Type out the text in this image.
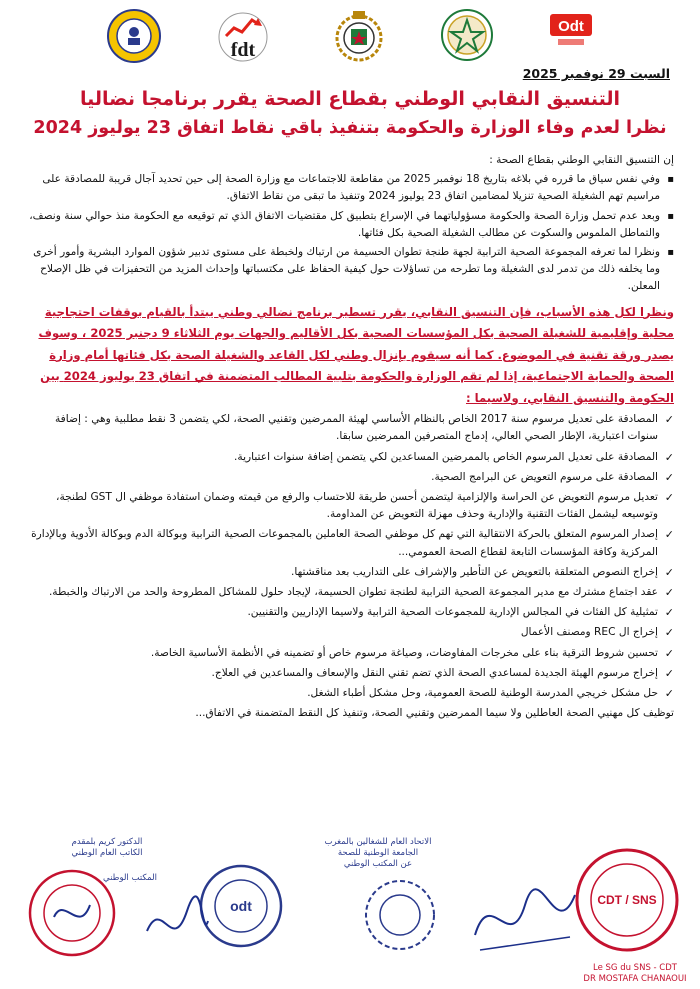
Odt
fdt
السبت 29 نوفمبر 2025
التنسيق النقابي الوطني بقطاع الصحة يقرر برنامجا نضاليا
نظرا لعدم وفاء الوزارة والحكومة بتنفيذ باقي نقاط اتفاق 23 يوليوز 2024

إن التنسيق النقابي الوطني بقطاع الصحة :

▪ وفي نفس سياق ما قرره في بلاغه بتاريخ 18 نوفمبر 2025 من مقاطعة للاجتماعات مع وزارة الصحة إلى حين تحديد آجال قريبة للمصادقة على مراسيم تهم الشغيلة الصحية تنزيلا لمضامين اتفاق 23 يوليوز 2024 وتنفيذ ما تبقى من نقاط الاتفاق.
▪ وبعد عدم تحمل وزارة الصحة والحكومة مسؤولياتهما في الإسراع بتطبيق كل مقتضيات الاتفاق الذي تم توقيعه مع الحكومة منذ حوالي سنة ونصف، والتماطل الملموس والسكوت عن مطالب الشغيلة الصحية بكل فئاتها.
▪ ونظرا لما تعرفه المجموعة الصحية الترابية لجهة طنجة تطوان الحسيمة من ارتباك ولخبطة على مستوى تدبير شؤون الموارد البشرية وأمور أخرى وما يخلفه ذلك من تدمر لدى الشغيلة وما تطرحه من تساؤلات حول كيفية الحفاظ على مكتسباتها وإحداث المزيد من التحفيزات في ظل الإصلاح المعلن.

ونظرا لكل هذه الأسباب، فإن التنسيق النقابي، يقرر تسطير برنامج نضالي وطني يبتدأ بالقيام بوقفات احتجاجية محلية وإقليمية للشغيلة الصحية بكل المؤسسات الصحية بكل الأقاليم والجهات يوم الثلاثاء 9 دجنبر 2025 ، وسوف يصدر ورقة تقنية في الموضوع. كما أنه سيقوم بإنزال وطني لكل القاعد والشغيلة الصحة بكل فئاتها أمام وزارة الصحة والحماية الاجتماعية، إذا لم تقم الوزارة والحكومة بتلبية المطالب المتضمنة في اتفاق 23 يوليوز 2024 بين الحكومة والتنسيق النقابي، ولاسيما :

✓ المصادقة على تعديل مرسوم سنة 2017 الخاص بالنظام الأساسي لهيئة الممرضين وتقنيي الصحة، لكي يتضمن 3 نقط مطلبية وهي : إضافة سنوات اعتبارية، الإطار الصحي العالي، إدماج المتصرفين الممرضين سابقا.
✓ المصادقة على تعديل المرسوم الخاص بالممرضين المساعدين لكي يتضمن إضافة سنوات اعتبارية.
✓ المصادقة على مرسوم التعويض عن البرامج الصحية.
✓ تعديل مرسوم التعويض عن الحراسة والإلزامية ليتضمن أحسن طريقة للاحتساب والرفع من قيمته وضمان استفادة موظفي ال GST لطنجة، وتوسيعه ليشمل الفئات التقنية والإدارية وحذف مهزلة التعويض عن المداومة.
✓ إصدار المرسوم المتعلق بالحركة الانتقالية التي تهم كل موظفي الصحة العاملين بالمجموعات الصحية الترابية وبوكالة الدم وبوكالة الأدوية وبالإدارة المركزية وكافة المؤسسات التابعة لقطاع الصحة العمومي...
✓ إخراج النصوص المتعلقة بالتعويض عن التأطير والإشراف على التداريب بعد مناقشتها.
✓ عقد اجتماع مشترك مع مدير المجموعة الصحية الترابية لطنجة تطوان الحسيمة، لإيجاد حلول للمشاكل المطروحة والحد من الارتباك والخبطة.
✓ تمثيلية كل الفئات في المجالس الإدارية للمجموعات الصحية الترابية ولاسيما الإداريين والتقنيين.
✓ إخراج ال REC ومصنف الأعمال
✓ تحسين شروط الترقية بناء على مخرجات المفاوضات، وصياغة مرسوم خاص أو تضمينه في الأنظمة الأساسية الخاصة.
✓ إخراج مرسوم الهيئة الجديدة لمساعدي الصحة الذي تضم تقني النقل والإسعاف والمساعدين في العلاج.
✓ حل مشكل خريجي المدرسة الوطنية للصحة العمومية، وحل مشكل أطباء الشغل.

توظيف كل مهنيي الصحة العاطلين ولا سيما الممرضين وتقنيي الصحة، وتنفيذ كل النقط المتضمنة في الاتفاق...

CDT / SNS
الاتحاد العام للشغالين بالمغرب
الجامعة الوطنية للصحة
عن المكتب الوطني
odt
الدكتور كريم بلمقدم
الكاتب العام الوطني
المكتب الوطني
Le SG du SNS - CDT
DR MOSTAFA CHANAOUI
